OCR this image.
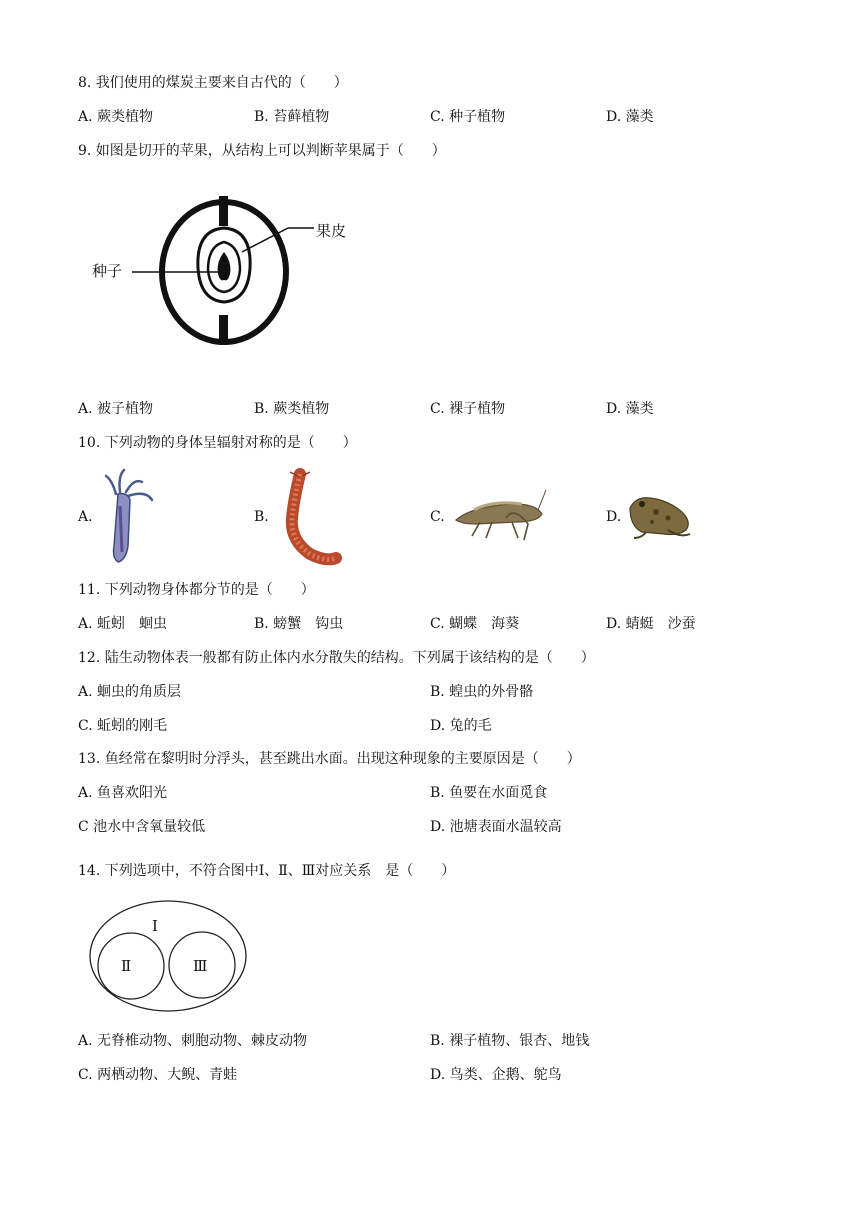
8. 我们使用的煤炭主要来自古代的（　　）
A. 蕨类植物	B. 苔藓植物	C. 种子植物	D. 藻类
9. 如图是切开的苹果，从结构上可以判断苹果属于（　　）
果皮
种子
A. 被子植物	B. 蕨类植物	C. 裸子植物	D. 藻类
10. 下列动物的身体呈辐射对称的是（　　）
A.	B.	C.	D.
11. 下列动物身体都分节的是（　　）
A. 蚯蚓　蛔虫	B. 螃蟹　钩虫	C. 蝴蝶　海葵	D. 蜻蜓　沙蚕
12. 陆生动物体表一般都有防止体内水分散失的结构。下列属于该结构的是（　　）
A. 蛔虫的角质层	B. 蝗虫的外骨骼
C. 蚯蚓的刚毛	D. 兔的毛
13. 鱼经常在黎明时分浮头，甚至跳出水面。出现这种现象的主要原因是（　　）
A. 鱼喜欢阳光	B. 鱼要在水面觅食
C 池水中含氧量较低	D. 池塘表面水温较高
14. 下列选项中，不符合图中Ⅰ、Ⅱ、Ⅲ对应关系　是（　　）
Ⅰ
Ⅱ	Ⅲ
A. 无脊椎动物、刺胞动物、棘皮动物	B. 裸子植物、银杏、地钱
C. 两栖动物、大鲵、青蛙	D. 鸟类、企鹅、鸵鸟
